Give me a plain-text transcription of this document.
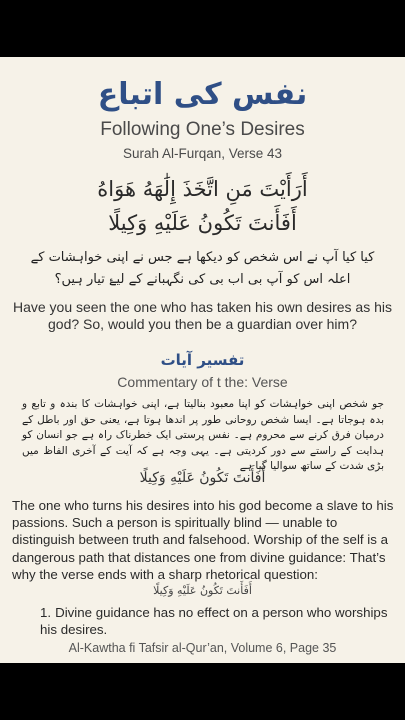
نفس کی اتباع
Following One’s Desires
Surah Al-Furqan, Verse 43
أَرَأَيْتَ مَنِ اتَّخَذَ إِلَٰهَهُ هَوَاهُ
أَفَأَنتَ تَكُونُ عَلَيْهِ وَكِيلًا
کیا کیا آپ نے اس شخص کو دیکھا ہے جس نے اپنی خواہشات کے اعلہ اس کو آپ بی اب بی کی نگہبانے کے لیۓ تیار ہیں؟
Have you seen the one who has taken his own desires as his god? So, would you then be a guardian over him?
تفسیر آیات
Commentary of t the: Verse
جو شخص اپنی خواہشات کو اپنا معبود بنالیتا ہے، اپنی خواہشات کا بندہ و تابع و بدہ ہوجاتا ہے۔ ایسا شخص روحانی طور پر اندھا ہوتا ہے، یعنی حق اور باطل کے درمیان فرق کرنے سے محروم ہے۔ نفس پرستی ایک خطرناک راہ ہے جو انسان کو ہدایت کے راستے سے دور کردیتی ہے۔ یہی وجہ ہے کہ آیت کے آخری الفاظ میں بڑی شدت کے ساتھ سوالیا گیا ہے
أَفَأَنتَ تَكُونُ عَلَيْهِ وَكِيلًا
The one who turns his desires into his god become a slave to his passions. Such a person is spiritually blind — unable to distinguish between truth and falsehood. Worship of the self is a dangerous path that distances one from divine guidance: That’s why the verse ends with a sharp rhetorical question:
أَفَأَنتَ تَكُونُ عَلَيْهِ وَكِيلًا
1. Divine guidance has no effect on a person who worships his desires.
Al-Kawtha fi Tafsir al-Qur’an, Volume 6, Page 35
